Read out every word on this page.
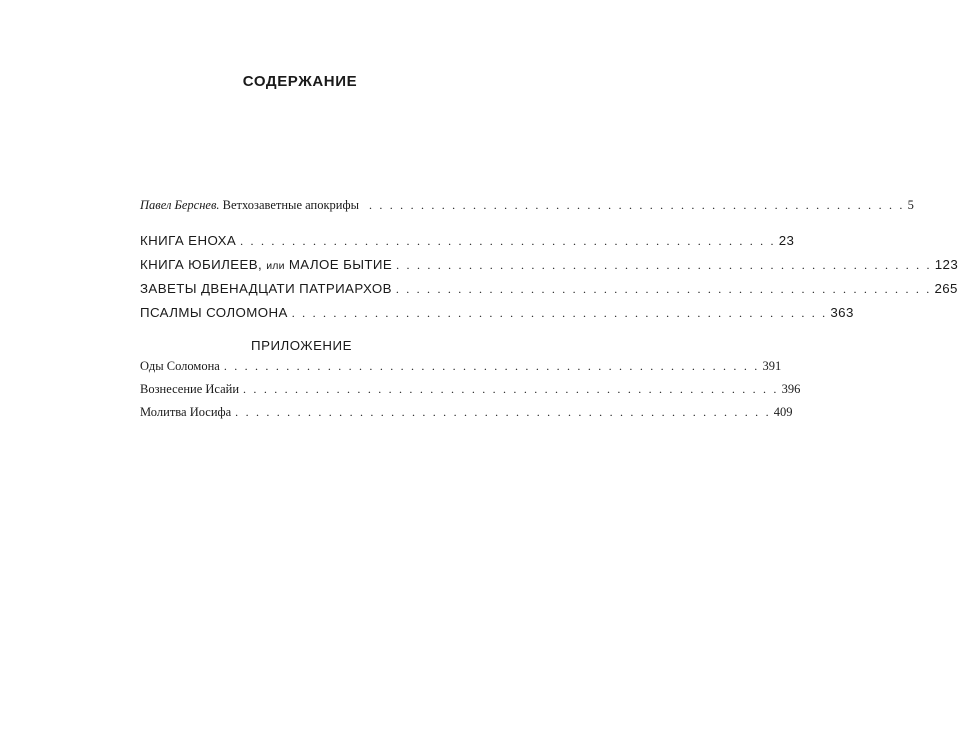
СОДЕРЖАНИЕ
Павел Берснев. Ветхозаветные апокрифы . . . . . . . . . . . . . . . . . . . . . . . . . . . . . . . . . . . . . . . . . . . . . . . . . . . . 5
КНИГА ЕНОХА . . . . . . . . . . . . . . . . . . . . . . . . . . . . . . . . . . . . . . . . . . . . . . . . . . . . 23
КНИГА ЮБИЛЕЕВ, или МАЛОЕ БЫТИЕ . . . . . . . . . . . . . . . . . . . . . . . . . . . . . . . . . . . . . . . . . . . . . . . . . . . . 123
ЗАВЕТЫ ДВЕНАДЦАТИ ПАТРИАРХОВ . . . . . . . . . . . . . . . . . . . . . . . . . . . . . . . . . . . . . . . . . . . . . . . . . . . . 265
ПСАЛМЫ СОЛОМОНА . . . . . . . . . . . . . . . . . . . . . . . . . . . . . . . . . . . . . . . . . . . . . . . . . . . . 363
ПРИЛОЖЕНИЕ
Оды Соломона . . . . . . . . . . . . . . . . . . . . . . . . . . . . . . . . . . . . . . . . . . . . . . . . . . . . 391
Вознесение Исайи . . . . . . . . . . . . . . . . . . . . . . . . . . . . . . . . . . . . . . . . . . . . . . . . . . . . 396
Молитва Иосифа . . . . . . . . . . . . . . . . . . . . . . . . . . . . . . . . . . . . . . . . . . . . . . . . . . . . 409
